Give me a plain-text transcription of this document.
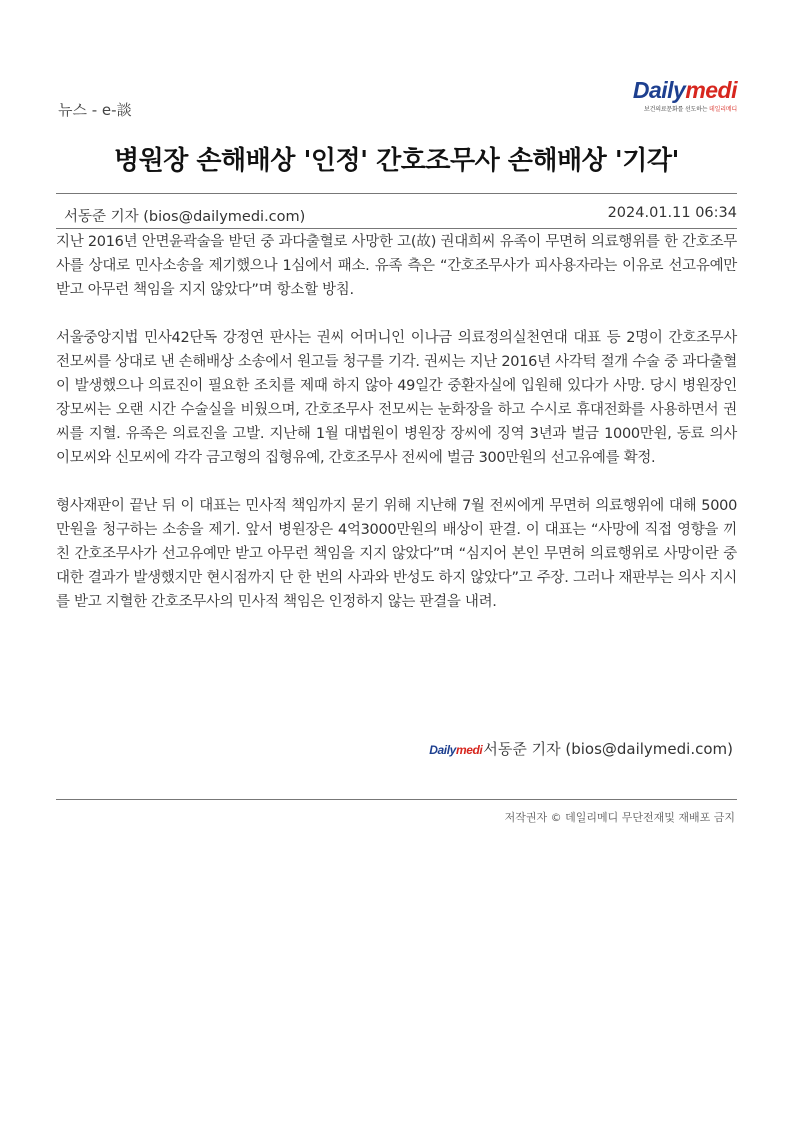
뉴스 - e-談
Dailymedi
보건의료문화를 선도하는 데일리메디
병원장 손해배상 '인정' 간호조무사 손해배상 '기각'
서동준 기자 (bios@dailymedi.com)	2024.01.11 06:34

지난 2016년 안면윤곽술을 받던 중 과다출혈로 사망한 고(故) 권대희씨 유족이 무면허 의료행위를 한 간호조무사를 상대로 민사소송을 제기했으나 1심에서 패소. 유족 측은 “간호조무사가 피사용자라는 이유로 선고유예만 받고 아무런 책임을 지지 않았다”며 항소할 방침.

서울중앙지법 민사42단독 강정연 판사는 권씨 어머니인 이나금 의료정의실천연대 대표 등 2명이 간호조무사 전모씨를 상대로 낸 손해배상 소송에서 원고들 청구를 기각. 권씨는 지난 2016년 사각턱 절개 수술 중 과다출혈이 발생했으나 의료진이 필요한 조치를 제때 하지 않아 49일간 중환자실에 입원해 있다가 사망. 당시 병원장인 장모씨는 오랜 시간 수술실을 비웠으며, 간호조무사 전모씨는 눈화장을 하고 수시로 휴대전화를 사용하면서 권씨를 지혈. 유족은 의료진을 고발. 지난해 1월 대법원이 병원장 장씨에 징역 3년과 벌금 1000만원, 동료 의사 이모씨와 신모씨에 각각 금고형의 집형유예, 간호조무사 전씨에 벌금 300만원의 선고유예를 확정.

형사재판이 끝난 뒤 이 대표는 민사적 책임까지 묻기 위해 지난해 7월 전씨에게 무면허 의료행위에 대해 5000만원을 청구하는 소송을 제기. 앞서 병원장은 4억3000만원의 배상이 판결. 이 대표는 “사망에 직접 영향을 끼친 간호조무사가 선고유예만 받고 아무런 책임을 지지 않았다”며 “심지어 본인 무면허 의료행위로 사망이란 중대한 결과가 발생했지만 현시점까지 단 한 번의 사과와 반성도 하지 않았다”고 주장. 그러나 재판부는 의사 지시를 받고 지혈한 간호조무사의 민사적 책임은 인정하지 않는 판결을 내려.

Dailymedi 서동준 기자 (bios@dailymedi.com)
저작권자 © 데일리메디 무단전재및 재배포 금지
